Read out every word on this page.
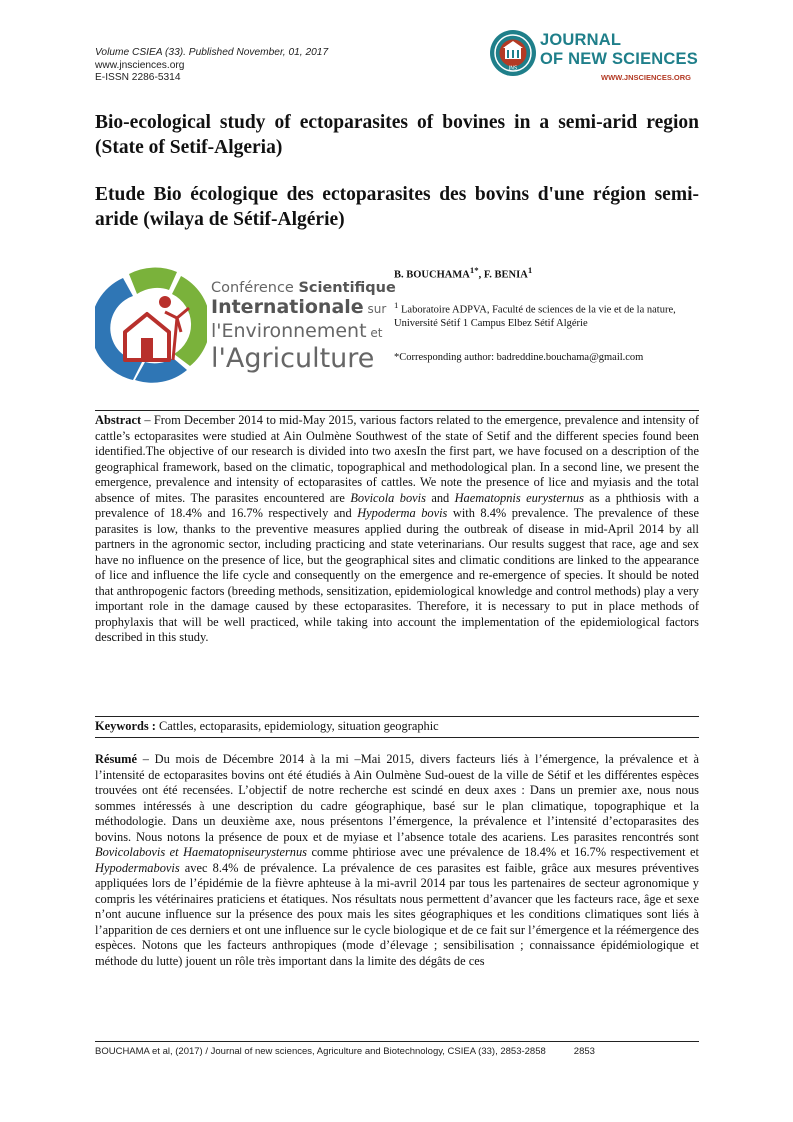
Volume CSIEA (33). Published November, 01, 2017
www.jnsciences.org
E-ISSN 2286-5314
JNS
JOURNAL
OF NEW SCIENCES
WWW.JNSCIENCES.ORG
Bio-ecological study of ectoparasites of bovines in a semi-arid region (State of Setif-Algeria)
Etude Bio écologique des ectoparasites des bovins d'une région semi-aride (wilaya de Sétif-Algérie)
Conférence Scientifique
Internationale sur
l'Environnement et
l'Agriculture
B. $BOUCHAMA^{1*}$, F. BENIA$^1$
$^1$ Laboratoire ADPVA, Faculté de sciences de la vie et de la nature, Université Sétif 1 Campus Elbez Sétif Algérie
*Corresponding author: badreddine.bouchama@gmail.com

Abstract – From December 2014 to mid-May 2015, various factors related to the emergence, prevalence and intensity of cattle’s ectoparasites were studied at Ain Oulmène Southwest of the state of Setif and the different species found been identified.The objective of our research is divided into two axesIn the first part, we have focused on a description of the geographical framework, based on the climatic, topographical and methodological plan. In a second line, we present the emergence, prevalence and intensity of ectoparasites of cattles. We note the presence of lice and myiasis and the total absence of mites. The parasites encountered are Bovicola bovis and Haematopnis eurysternus as a phthiosis with a prevalence of 18.4% and 16.7% respectively and Hypoderma bovis with 8.4% prevalence. The prevalence of these parasites is low, thanks to the preventive measures applied during the outbreak of disease in mid-April 2014 by all partners in the agronomic sector, including practicing and state veterinarians. Our results suggest that race, age and sex have no influence on the presence of lice, but the geographical sites and climatic conditions are linked to the appearance of lice and influence the life cycle and consequently on the emergence and re-emergence of species. It should be noted that anthropogenic factors (breeding methods, sensitization, epidemiological knowledge and control methods) play a very important role in the damage caused by these ectoparasites. Therefore, it is necessary to put in place methods of prophylaxis that will be well practiced, while taking into account the implementation of the epidemiological factors described in this study.

Keywords : Cattles, ectoparasits, epidemiology, situation geographic

Résumé – Du mois de Décembre 2014 à la mi –Mai 2015, divers facteurs liés à l’émergence, la prévalence et à l’intensité de ectoparasites bovins ont été étudiés à Ain Oulmène Sud-ouest de la ville de Sétif et les différentes espèces trouvées ont été recensées. L’objectif de notre recherche est scindé en deux axes : Dans un premier axe, nous nous sommes intéressés à une description du cadre géographique, basé sur le plan climatique, topographique et la méthodologie. Dans un deuxième axe, nous présentons l’émergence, la prévalence et l’intensité d’ectoparasites des bovins. Nous notons la présence de poux et de myiase et l’absence totale des acariens. Les parasites rencontrés sont Bovicolabovis et Haematopniseurysternus comme phtiriose avec une prévalence de 18.4% et 16.7% respectivement et Hypodermabovis avec 8.4% de prévalence. La prévalence de ces parasites est faible, grâce aux mesures préventives appliquées lors de l’épidémie de la fièvre aphteuse à la mi-avril 2014 par tous les partenaires de secteur agronomique y compris les vétérinaires praticiens et étatiques. Nos résultats nous permettent d’avancer que les facteurs race, âge et sexe n’ont aucune influence sur la présence des poux mais les sites géographiques et les conditions climatiques sont liés à l’apparition de ces derniers et ont une influence sur le cycle biologique et de ce fait sur l’émergence et la réémergence des espèces. Notons que les facteurs anthropiques (mode d’élevage ; sensibilisation ; connaissance épidémiologique et méthode du lutte) jouent un rôle très important dans la limite des dégâts de ces

BOUCHAMA et al, (2017) / Journal of new sciences, Agriculture and Biotechnology, CSIEA (33), 2853-2858	2853
